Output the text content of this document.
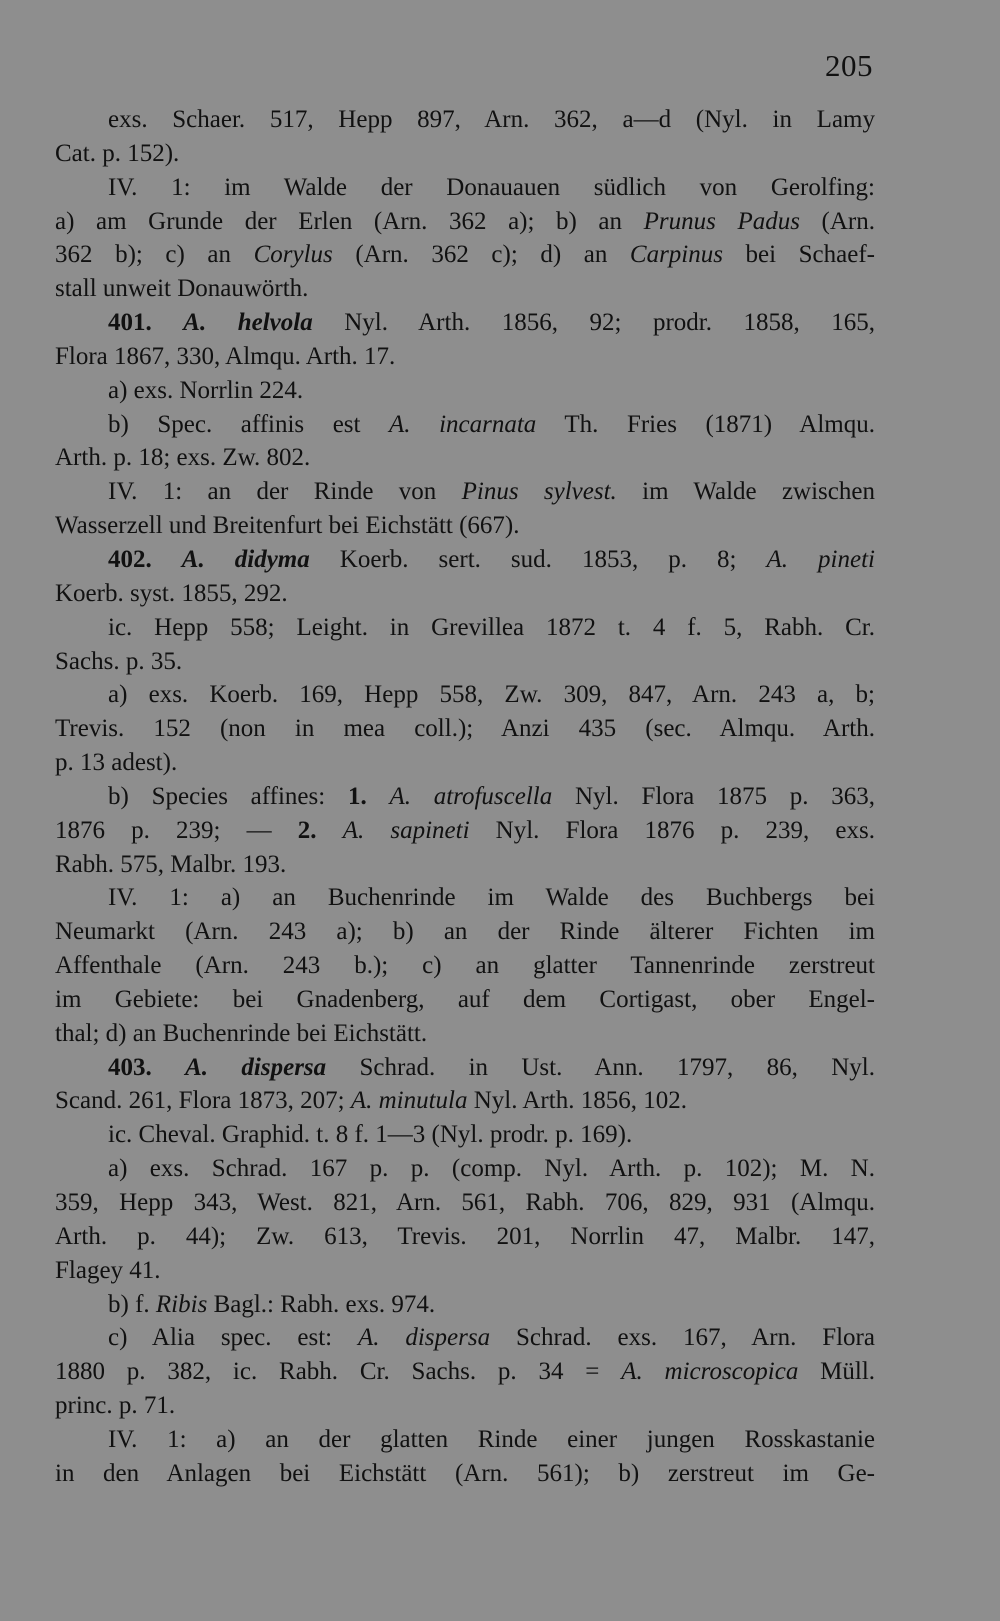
205
exs. Schaer. 517, Hepp 897, Arn. 362, a—d (Nyl. in Lamy
Cat. p. 152).
IV. 1: im Walde der Donauauen südlich von Gerolfing:
a) am Grunde der Erlen (Arn. 362 a); b) an Prunus Padus (Arn.
362 b); c) an Corylus (Arn. 362 c); d) an Carpinus bei Schaef-
stall unweit Donauwörth.
401. A. helvola Nyl. Arth. 1856, 92; prodr. 1858, 165,
Flora 1867, 330, Almqu. Arth. 17.
a) exs. Norrlin 224.
b) Spec. affinis est A. incarnata Th. Fries (1871) Almqu.
Arth. p. 18; exs. Zw. 802.
IV. 1: an der Rinde von Pinus sylvest. im Walde zwischen
Wasserzell und Breitenfurt bei Eichstätt (667).
402. A. didyma Koerb. sert. sud. 1853, p. 8; A. pineti
Koerb. syst. 1855, 292.
ic. Hepp 558; Leight. in Grevillea 1872 t. 4 f. 5, Rabh. Cr.
Sachs. p. 35.
a) exs. Koerb. 169, Hepp 558, Zw. 309, 847, Arn. 243 a, b;
Trevis. 152 (non in mea coll.); Anzi 435 (sec. Almqu. Arth.
p. 13 adest).
b) Species affines: 1. A. atrofuscella Nyl. Flora 1875 p. 363,
1876 p. 239; — 2. A. sapineti Nyl. Flora 1876 p. 239, exs.
Rabh. 575, Malbr. 193.
IV. 1: a) an Buchenrinde im Walde des Buchbergs bei
Neumarkt (Arn. 243 a); b) an der Rinde älterer Fichten im
Affenthale (Arn. 243 b.); c) an glatter Tannenrinde zerstreut
im Gebiete: bei Gnadenberg, auf dem Cortigast, ober Engel-
thal; d) an Buchenrinde bei Eichstätt.
403. A. dispersa Schrad. in Ust. Ann. 1797, 86, Nyl.
Scand. 261, Flora 1873, 207; A. minutula Nyl. Arth. 1856, 102.
ic. Cheval. Graphid. t. 8 f. 1—3 (Nyl. prodr. p. 169).
a) exs. Schrad. 167 p. p. (comp. Nyl. Arth. p. 102); M. N.
359, Hepp 343, West. 821, Arn. 561, Rabh. 706, 829, 931 (Almqu.
Arth. p. 44); Zw. 613, Trevis. 201, Norrlin 47, Malbr. 147,
Flagey 41.
b) f. Ribis Bagl.: Rabh. exs. 974.
c) Alia spec. est: A. dispersa Schrad. exs. 167, Arn. Flora
1880 p. 382, ic. Rabh. Cr. Sachs. p. 34 = A. microscopica Müll.
princ. p. 71.
IV. 1: a) an der glatten Rinde einer jungen Rosskastanie
in den Anlagen bei Eichstätt (Arn. 561); b) zerstreut im Ge-
